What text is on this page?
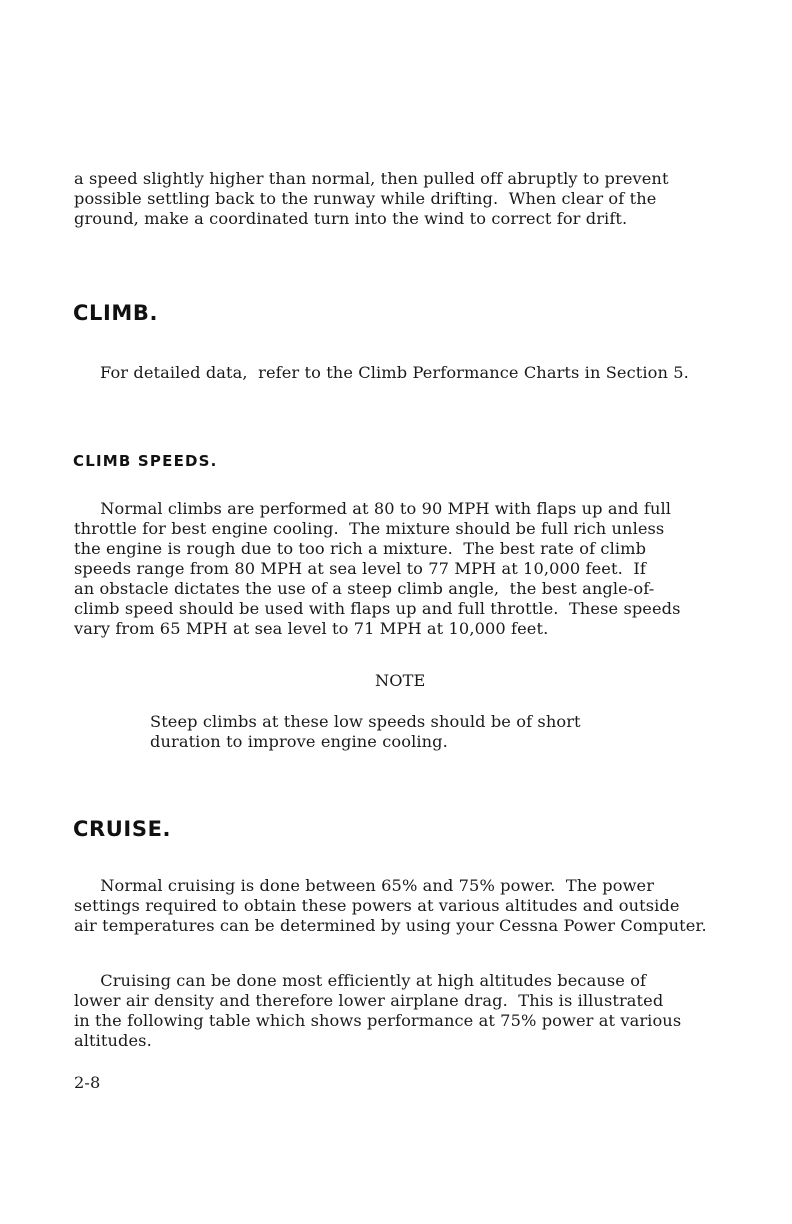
a speed slightly higher than normal, then pulled off abruptly to prevent
possible settling back to the runway while drifting.  When clear of the
ground, make a coordinated turn into the wind to correct for drift.
CLIMB.
For detailed data,  refer to the Climb Performance Charts in Section 5.
CLIMB SPEEDS.
Normal climbs are performed at 80 to 90 MPH with flaps up and full
throttle for best engine cooling.  The mixture should be full rich unless
the engine is rough due to too rich a mixture.  The best rate of climb
speeds range from 80 MPH at sea level to 77 MPH at 10,000 feet.  If
an obstacle dictates the use of a steep climb angle,  the best angle-of-
climb speed should be used with flaps up and full throttle.  These speeds
vary from 65 MPH at sea level to 71 MPH at 10,000 feet.
NOTE
Steep climbs at these low speeds should be of short
duration to improve engine cooling.
CRUISE.
Normal cruising is done between 65% and 75% power.  The power
settings required to obtain these powers at various altitudes and outside
air temperatures can be determined by using your Cessna Power Computer.
Cruising can be done most efficiently at high altitudes because of
lower air density and therefore lower airplane drag.  This is illustrated
in the following table which shows performance at 75% power at various
altitudes.
2-8
